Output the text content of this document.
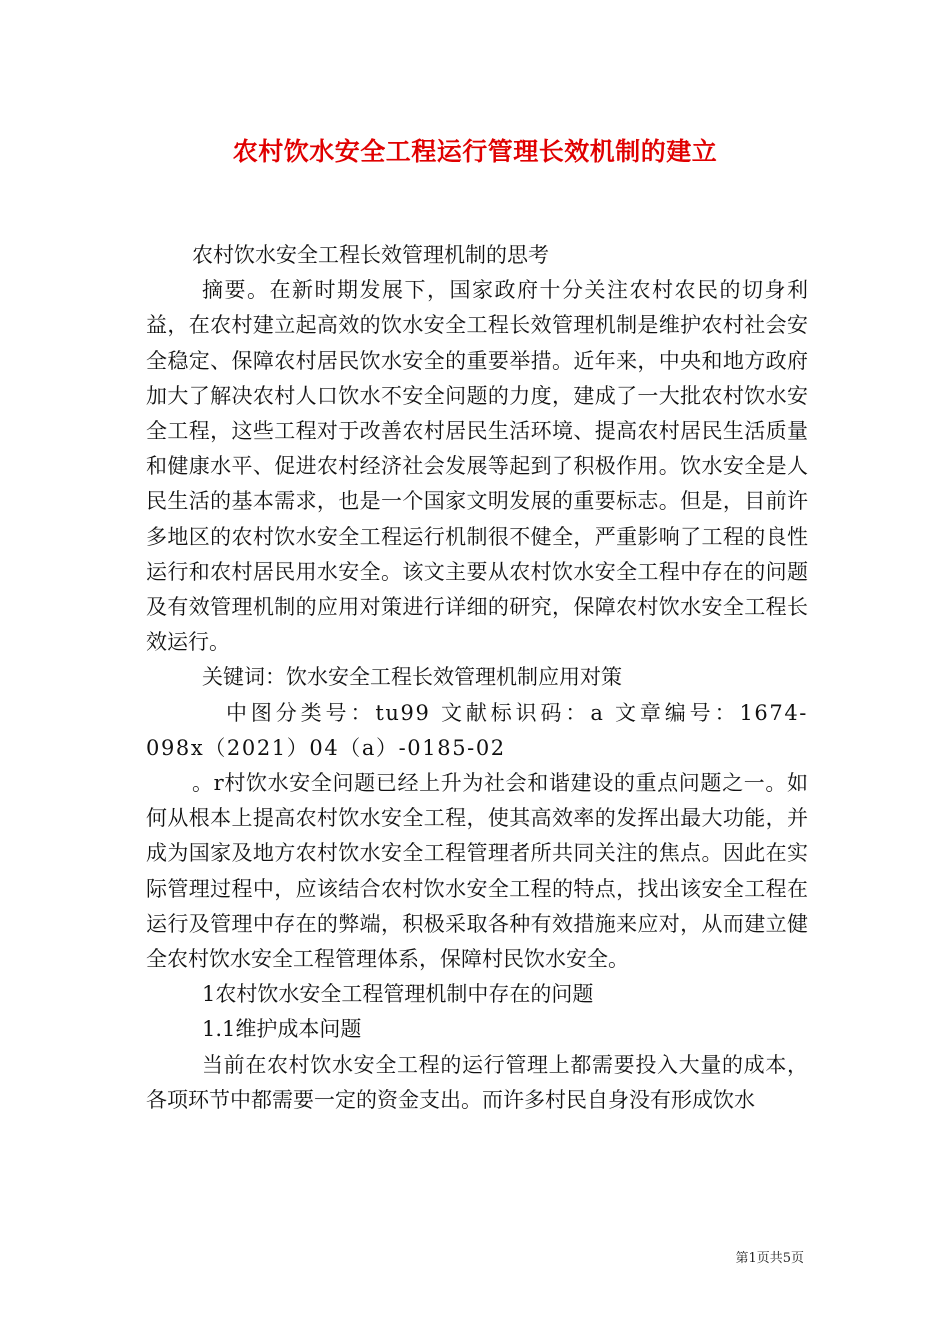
农村饮水安全工程运行管理长效机制的建立

农村饮水安全工程长效管理机制的思考

摘要。在新时期发展下，国家政府十分关注农村农民的切身利益，在农村建立起高效的饮水安全工程长效管理机制是维护农村社会安全稳定、保障农村居民饮水安全的重要举措。近年来，中央和地方政府加大了解决农村人口饮水不安全问题的力度，建成了一大批农村饮水安全工程，这些工程对于改善农村居民生活环境、提高农村居民生活质量和健康水平、促进农村经济社会发展等起到了积极作用。饮水安全是人民生活的基本需求，也是一个国家文明发展的重要标志。但是，目前许多地区的农村饮水安全工程运行机制很不健全，严重影响了工程的良性运行和农村居民用水安全。该文主要从农村饮水安全工程中存在的问题及有效管理机制的应用对策进行详细的研究，保障农村饮水安全工程长效运行。

关键词：饮水安全工程长效管理机制应用对策

中图分类号：tu99 文献标识码：a 文章编号：1674-098x（2021）04（a）-0185-02

。r村饮水安全问题已经上升为社会和谐建设的重点问题之一。如何从根本上提高农村饮水安全工程，使其高效率的发挥出最大功能，并成为国家及地方农村饮水安全工程管理者所共同关注的焦点。因此在实际管理过程中，应该结合农村饮水安全工程的特点，找出该安全工程在运行及管理中存在的弊端，积极采取各种有效措施来应对，从而建立健全农村饮水安全工程管理体系，保障村民饮水安全。

1农村饮水安全工程管理机制中存在的问题

1.1维护成本问题

当前在农村饮水安全工程的运行管理上都需要投入大量的成本，各项环节中都需要一定的资金支出。而许多村民自身没有形成饮水

第1页共5页
